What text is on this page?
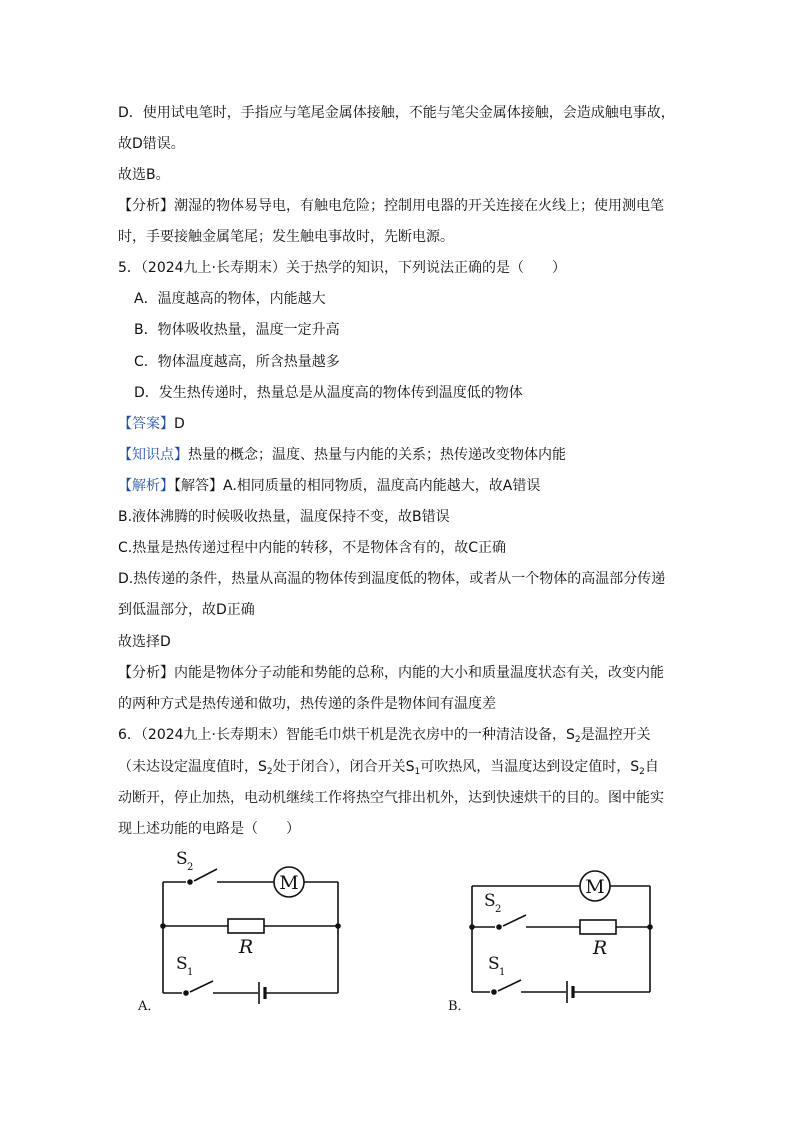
D．使用试电笔时，手指应与笔尾金属体接触，不能与笔尖金属体接触，会造成触电事故，
故D错误。
故选B。
【分析】潮湿的物体易导电，有触电危险；控制用电器的开关连接在火线上；使用测电笔
时，手要接触金属笔尾；发生触电事故时，先断电源。
5．（2024九上·长寿期末）关于热学的知识，下列说法正确的是（　　）
A．温度越高的物体，内能越大
B．物体吸收热量，温度一定升高
C．物体温度越高，所含热量越多
D．发生热传递时，热量总是从温度高的物体传到温度低的物体
【答案】D
【知识点】热量的概念；温度、热量与内能的关系；热传递改变物体内能
【解析】【解答】A.相同质量的相同物质，温度高内能越大，故A错误
B.液体沸腾的时候吸收热量，温度保持不变，故B错误
C.热量是热传递过程中内能的转移，不是物体含有的，故C正确
D.热传递的条件，热量从高温的物体传到温度低的物体，或者从一个物体的高温部分传递
到低温部分，故D正确
故选择D
【分析】内能是物体分子动能和势能的总称，内能的大小和质量温度状态有关，改变内能
的两种方式是热传递和做功，热传递的条件是物体间有温度差
6．（2024九上·长寿期末）智能毛巾烘干机是洗衣房中的一种清洁设备，$S_2$是温控开关
（未达设定温度值时，$S_2$处于闭合），闭合开关$S_1$可吹热风，当温度达到设定值时，$S_2$自
动断开，停止加热，电动机继续工作将热空气排出机外，达到快速烘干的目的。图中能实
现上述功能的电路是（　　）
M
R
S 2
S 1
A．
M
R
S 2
S 1
B．
